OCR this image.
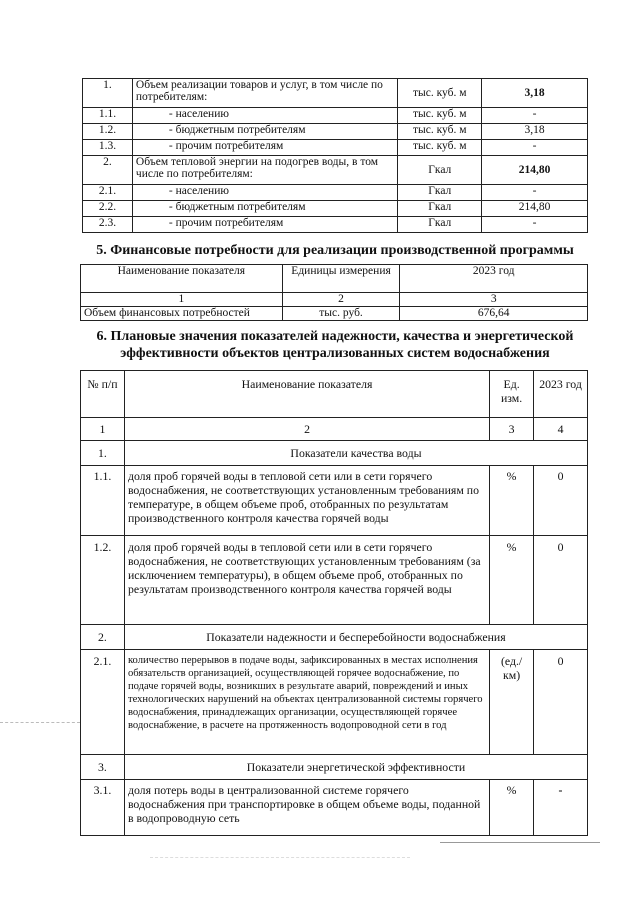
1.	Объем реализации товаров и услуг, в том числе по потребителям:	тыс. куб. м	3,18
1.1.	- населению	тыс. куб. м	-
1.2.	- бюджетным потребителям	тыс. куб. м	3,18
1.3.	- прочим потребителям	тыс. куб. м	-
2.	Объем тепловой энергии на подогрев воды, в том числе по потребителям:	Гкал	214,80
2.1.	- населению	Гкал	-
2.2.	- бюджетным потребителям	Гкал	214,80
2.3.	- прочим потребителям	Гкал	-
5. Финансовые потребности для реализации производственной программы
Наименование показателя	Единицы измерения	2023 год
1	2	3
Объем финансовых потребностей	тыс. руб.	676,64
6. Плановые значения показателей надежности, качества и энергетической
эффективности объектов централизованных систем водоснабжения
№ п/п	Наименование показателя	Ед. изм.	2023 год
1	2	3	4
1.	Показатели качества воды		
1.1.	доля проб горячей воды в тепловой сети или в сети горячего водоснабжения, не соответствующих установленным требованиям по температуре, в общем объеме проб, отобранных по результатам производственного контроля качества горячей воды	%	0
1.2.	доля проб горячей воды в тепловой сети или в сети горячего водоснабжения, не соответствующих установленным требованиям (за исключением температуры), в общем объеме проб, отобранных по результатам производственного контроля качества горячей воды	%	0
2.	Показатели надежности и бесперебойности водоснабжения		
2.1.	количество перерывов в подаче воды, зафиксированных в местах исполнения обязательств организацией, осуществляющей горячее водоснабжение, по подаче горячей воды, возникших в результате аварий, повреждений и иных технологических нарушений на объектах централизованной системы горячего водоснабжения, принадлежащих организации, осуществляющей горячее водоснабжение, в расчете на протяженность водопроводной сети в год	(ед./км)	0
3.	Показатели энергетической эффективности		
3.1.	доля потерь воды в централизованной системе горячего водоснабжения при транспортировке в общем объеме воды, поданной в водопроводную сеть	%	-
